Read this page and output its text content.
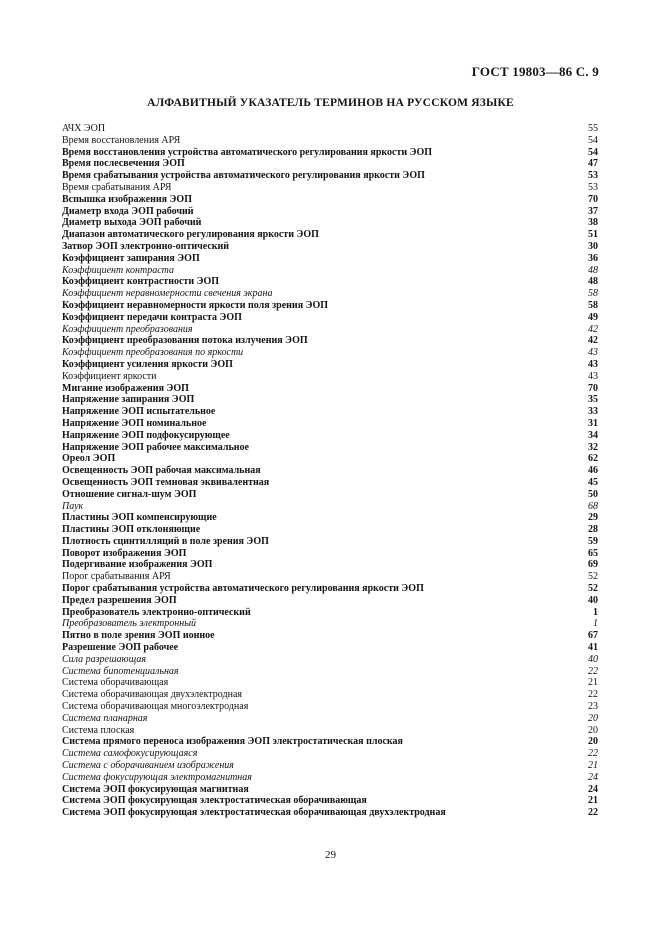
ГОСТ 19803—86 С. 9
АЛФАВИТНЫЙ УКАЗАТЕЛЬ ТЕРМИНОВ НА РУССКОМ ЯЗЫКЕ
АЧХ ЭОП	55
Время восстановления АРЯ	54
Время восстановления устройства автоматического регулирования яркости ЭОП	54
Время послесвечения ЭОП	47
Время срабатывания устройства автоматического регулирования яркости ЭОП	53
Время срабатывания АРЯ	53
Вспышка изображения ЭОП	70
Диаметр входа ЭОП рабочий	37
Диаметр выхода ЭОП рабочий	38
Диапазон автоматического регулирования яркости ЭОП	51
Затвор ЭОП электронно-оптический	30
Коэффициент запирания ЭОП	36
Коэффициент контраста	48
Коэффициент контрастности ЭОП	48
Коэффициент неравномерности свечения экрана	58
Коэффициент неравномерности яркости поля зрения ЭОП	58
Коэффициент передачи контраста ЭОП	49
Коэффициент преобразования	42
Коэффициент преобразования потока излучения ЭОП	42
Коэффициент преобразования по яркости	43
Коэффициент усиления яркости ЭОП	43
Коэффициент яркости	43
Мигание изображения ЭОП	70
Напряжение запирания ЭОП	35
Напряжение ЭОП испытательное	33
Напряжение ЭОП номинальное	31
Напряжение ЭОП подфокусирующее	34
Напряжение ЭОП рабочее максимальное	32
Ореол ЭОП	62
Освещенность ЭОП рабочая максимальная	46
Освещенность ЭОП темновая эквивалентная	45
Отношение сигнал-шум ЭОП	50
Паук	68
Пластины ЭОП компенсирующие	29
Пластины ЭОП отклоняющие	28
Плотность сцинтилляций в поле зрения ЭОП	59
Поворот изображения ЭОП	65
Подергивание изображения ЭОП	69
Порог срабатывания АРЯ	52
Порог срабатывания устройства автоматического регулирования яркости ЭОП	52
Предел разрешения ЭОП	40
Преобразователь электронно-оптический	1
Преобразователь электронный	1
Пятно в поле зрения ЭОП ионное	67
Разрешение ЭОП рабочее	41
Сила разрешающая	40
Система бипотенциальная	22
Система оборачивающая	21
Система оборачивающая двухэлектродная	22
Система оборачивающая многоэлектродная	23
Система планарная	20
Система плоская	20
Система прямого переноса изображения ЭОП электростатическая плоская	20
Система самофокусирующаяся	22
Система с оборачиванием изображения	21
Система фокусирующая электромагнитная	24
Система ЭОП фокусирующая магнитная	24
Система ЭОП фокусирующая электростатическая оборачивающая	21
Система ЭОП фокусирующая электростатическая оборачивающая двухэлектродная	22
29
